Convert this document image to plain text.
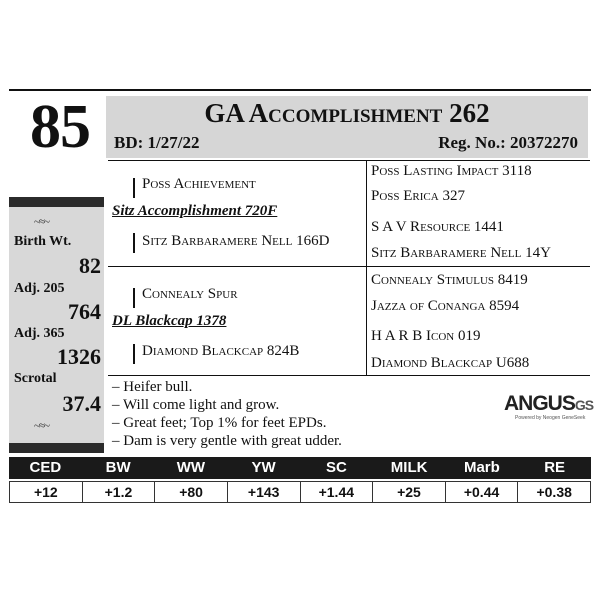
85	GA Accomplishment 262
BD: 1/27/22	Reg. No.: 20372270
Poss Achievement
Sitz Accomplishment 720F
Sitz Barbaramere Nell 166D
Poss Lasting Impact 3118
Poss Erica 327
S A V Resource 1441
Sitz Barbaramere Nell 14Y
Connealy Spur
DL Blackcap 1378
Diamond Blackcap 824B
Connealy Stimulus 8419
Jazza of Conanga 8594
H A R B Icon 019
Diamond Blackcap U688
~≈~
Birth Wt.
82
Adj. 205
764
Adj. 365
1326
Scrotal
37.4
~≈~
– Heifer bull.
– Will come light and grow.
– Great feet; Top 1% for feet EPDs.
– Dam is very gentle with great udder.
ANGUSGS
Powered by Neogen GeneSeek
CED	BW	WW	YW	SC	MILK	Marb	RE
+12	+1.2	+80	+143	+1.44	+25	+0.44	+0.38
